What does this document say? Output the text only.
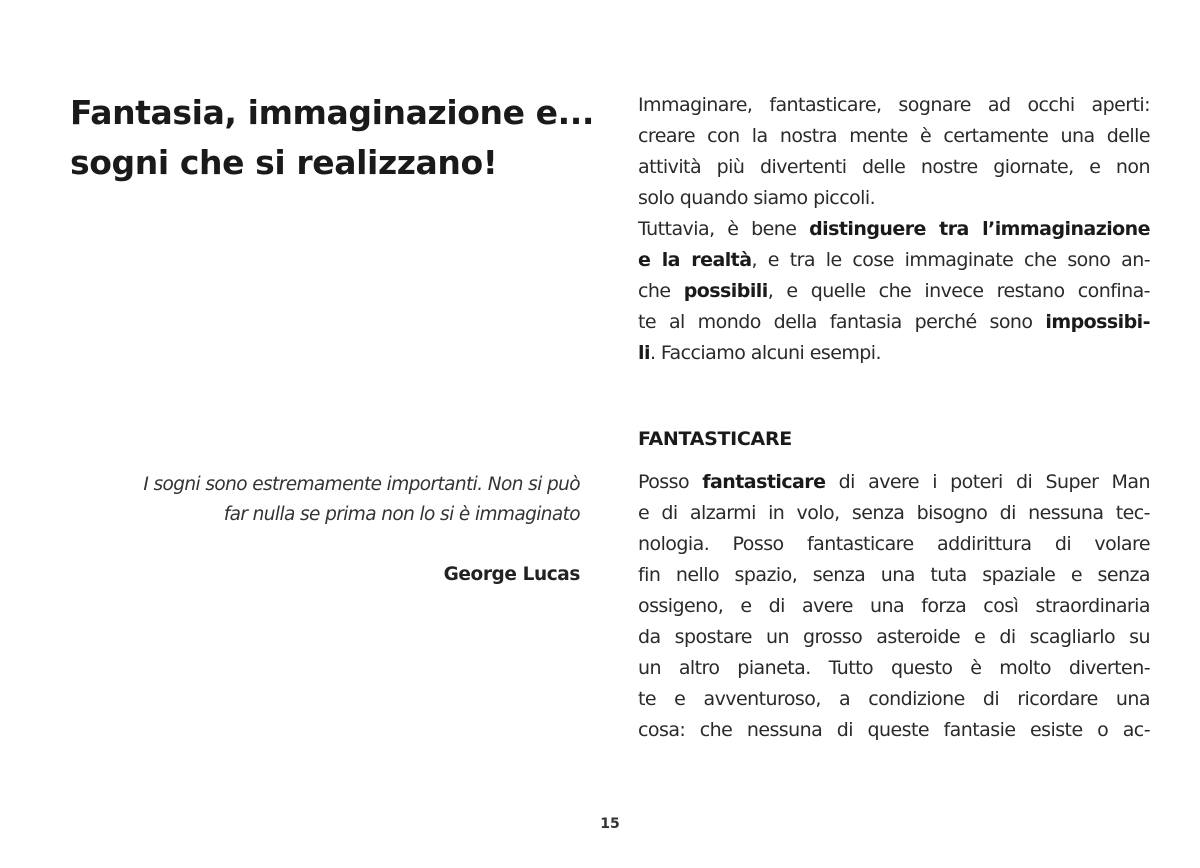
Fantasia, immaginazione e...
sogni che si realizzano!
I sogni sono estremamente importanti. Non si può
far nulla se prima non lo si è immaginato
George Lucas

Immaginare, fantasticare, sognare ad occhi aperti:
creare con la nostra mente è certamente una delle
attività più divertenti delle nostre giornate, e non
solo quando siamo piccoli.
Tuttavia, è bene distinguere tra l’immaginazione
e la realtà, e tra le cose immaginate che sono an-
che possibili, e quelle che invece restano confina-
te al mondo della fantasia perché sono impossibi-
li. Facciamo alcuni esempi.

FANTASTICARE

Posso fantasticare di avere i poteri di Super Man
e di alzarmi in volo, senza bisogno di nessuna tec-
nologia. Posso fantasticare addirittura di volare
fin nello spazio, senza una tuta spaziale e senza
ossigeno, e di avere una forza così straordinaria
da spostare un grosso asteroide e di scagliarlo su
un altro pianeta. Tutto questo è molto diverten-
te e avventuroso, a condizione di ricordare una
cosa: che nessuna di queste fantasie esiste o ac-

15
